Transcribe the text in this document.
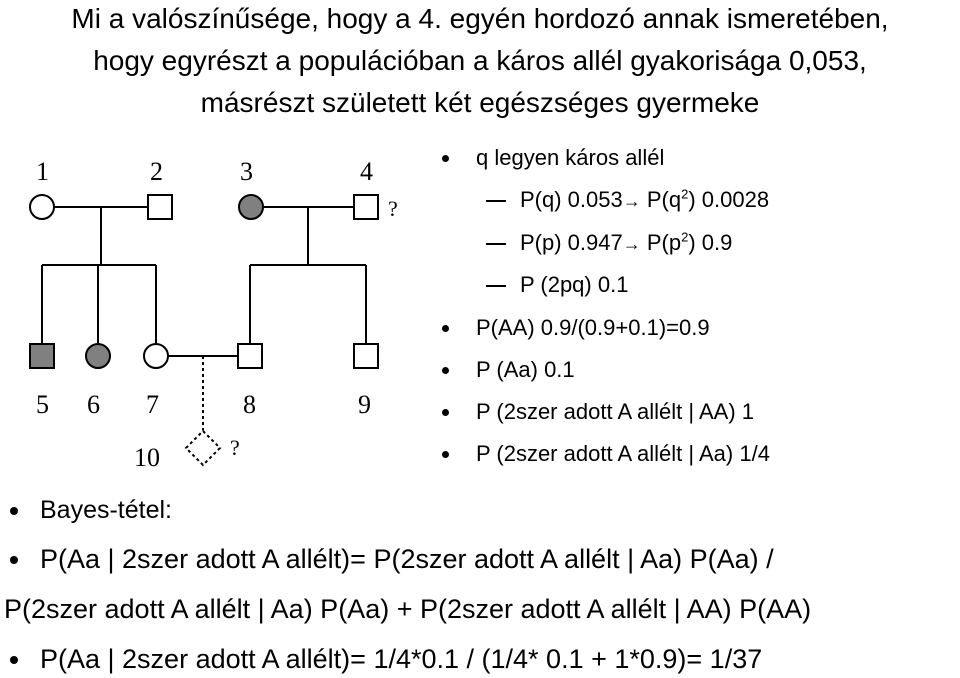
Mi a valószínűsége, hogy a 4. egyén hordozó annak ismeretében,
hogy egyrészt a populációban a káros allél gyakorisága 0,053,
másrészt született két egészséges gyermeke
1	2	3	4
?
5 6 7	8	9
?
10
q legyen káros allél
P(q) $0.053\to P(q^2)$ 0.0028
P(p) $0.947\to P(p^2)$ 0.9
P (2pq) 0.1
P(AA) 0.9/(0.9+0.1)=0.9
P (Aa) 0.1
P (2szer adott A allélt | AA) 1
P (2szer adott A allélt | Aa) 1/4
Bayes-tétel:
P(Aa | 2szer adott A allélt)= P(2szer adott A allélt | Aa) P(Aa) /
P(2szer adott A allélt | Aa) P(Aa) + P(2szer adott A allélt | AA) P(AA)
P(Aa | 2szer adott A allélt)= 1/4*0.1 / (1/4* 0.1 + 1*0.9)= 1/37
